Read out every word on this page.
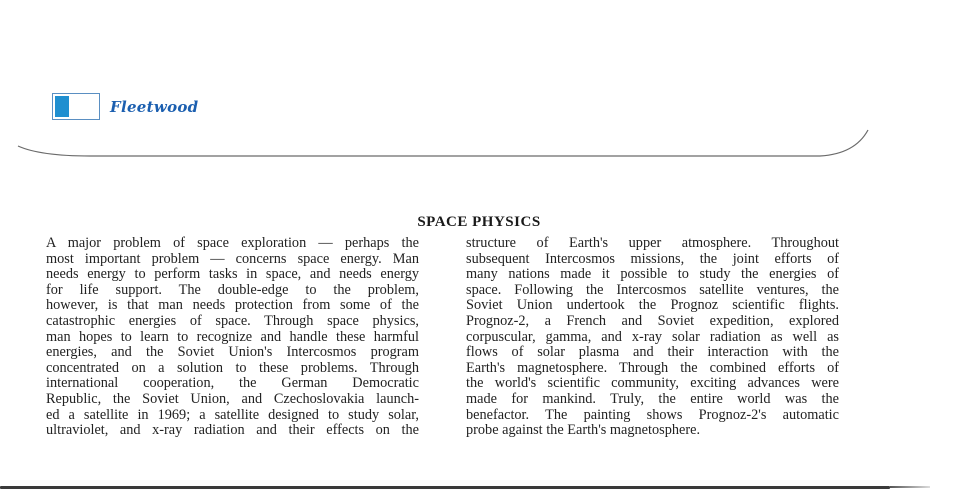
Fleetwood
SPACE PHYSICS

A major problem of space exploration — perhaps the

most important problem — concerns space energy. Man

needs energy to perform tasks in space, and needs energy

for life support. The double-edge to the problem,

however, is that man needs protection from some of the

catastrophic energies of space. Through space physics,

man hopes to learn to recognize and handle these harmful

energies, and the Soviet Union's Intercosmos program

concentrated on a solution to these problems. Through

international cooperation, the German Democratic

Republic, the Soviet Union, and Czechoslovakia launch-

ed a satellite in 1969; a satellite designed to study solar,

ultraviolet, and x-ray radiation and their effects on the

structure of Earth's upper atmosphere. Throughout

subsequent Intercosmos missions, the joint efforts of

many nations made it possible to study the energies of

space. Following the Intercosmos satellite ventures, the

Soviet Union undertook the Prognoz scientific flights.

Prognoz-2, a French and Soviet expedition, explored

corpuscular, gamma, and x-ray solar radiation as well as

flows of solar plasma and their interaction with the

Earth's magnetosphere. Through the combined efforts of

the world's scientific community, exciting advances were

made for mankind. Truly, the entire world was the

benefactor. The painting shows Prognoz-2's automatic

probe against the Earth's magnetosphere.
